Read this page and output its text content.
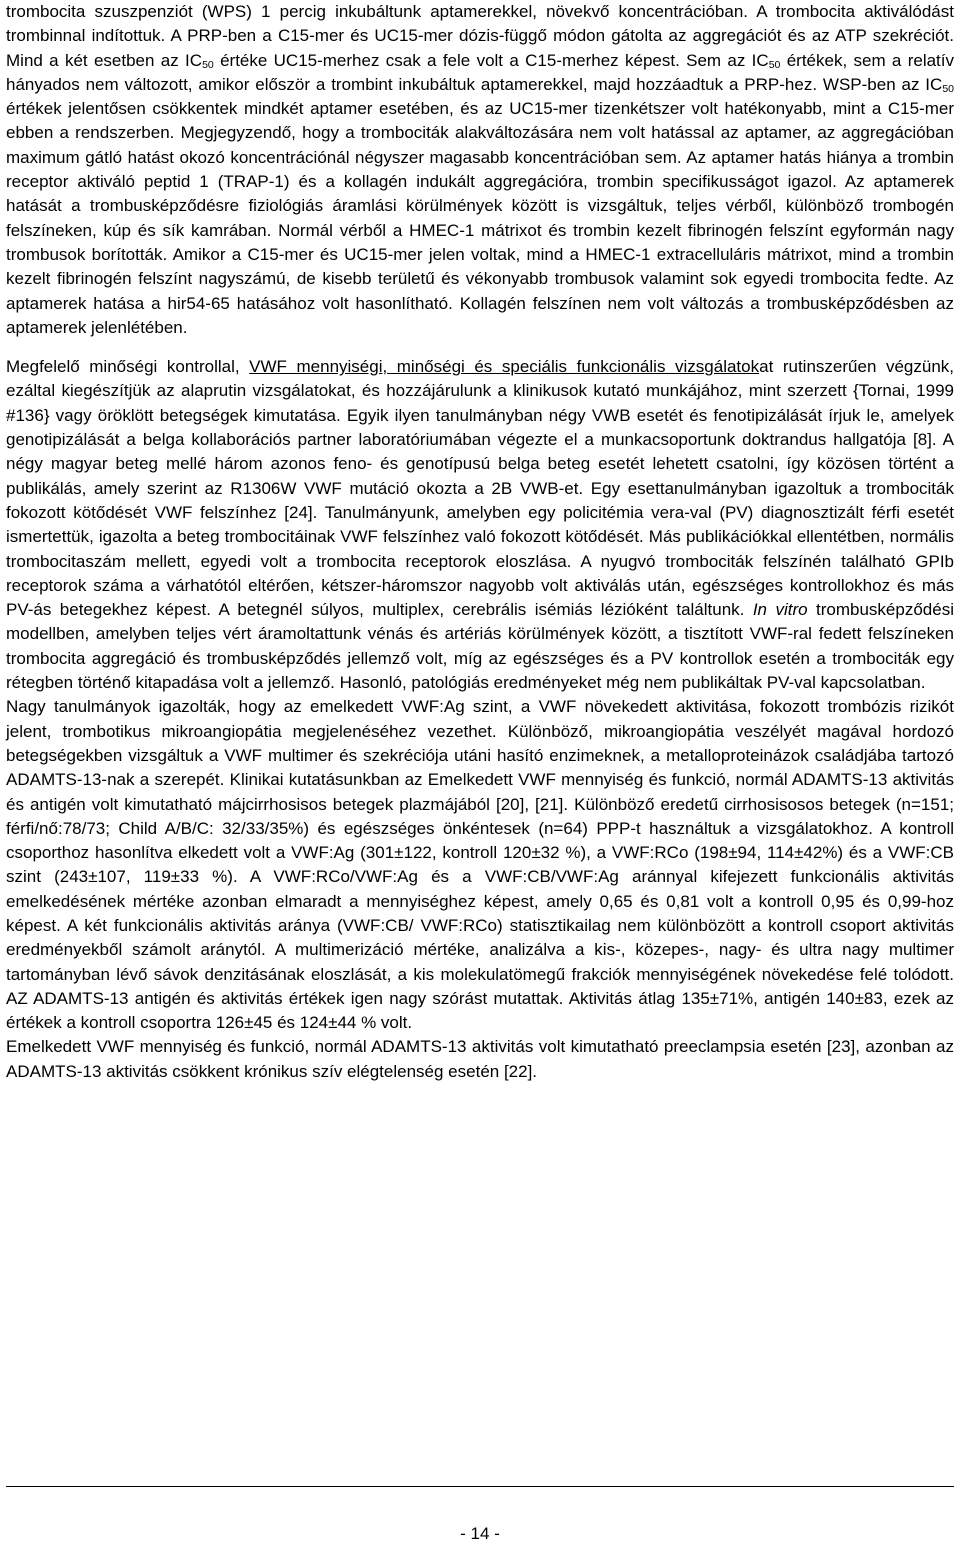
trombocita szuszpenziót (WPS) 1 percig inkubáltunk aptamerekkel, növekvő koncentrációban. A trombocita aktiválódást trombinnal indítottuk. A PRP-ben a C15-mer és UC15-mer dózis-függő módon gátolta az aggregációt és az ATP szekréciót. Mind a két esetben az $IC_{50}$ értéke UC15-merhez csak a fele volt a C15-merhez képest. Sem az $IC_{50}$ értékek, sem a relatív hányados nem változott, amikor először a trombint inkubáltuk aptamerekkel, majd hozzáadtuk a PRP-hez. WSP-ben az $IC_{50}$ értékek jelentősen csökkentek mindkét aptamer esetében, és az UC15-mer tizenkétszer volt hatékonyabb, mint a C15-mer ebben a rendszerben. Megjegyzendő, hogy a trombociták alakváltozására nem volt hatással az aptamer, az aggregációban maximum gátló hatást okozó koncentrációnál négyszer magasabb koncentrációban sem. Az aptamer hatás hiánya a trombin receptor aktiváló peptid 1 (TRAP-1) és a kollagén indukált aggregációra, trombin specifikusságot igazol. Az aptamerek hatását a trombusképződésre fiziológiás áramlási körülmények között is vizsgáltuk, teljes vérből, különböző trombogén felszíneken, kúp és sík kamrában. Normál vérből a HMEC-1 mátrixot és trombin kezelt fibrinogén felszínt egyformán nagy trombusok borították. Amikor a C15-mer és UC15-mer jelen voltak, mind a HMEC-1 extracelluláris mátrixot, mind a trombin kezelt fibrinogén felszínt nagyszámú, de kisebb területű és vékonyabb trombusok valamint sok egyedi trombocita fedte. Az aptamerek hatása a hir54-65 hatásához volt hasonlítható. Kollagén felszínen nem volt változás a trombusképződésben az aptamerek jelenlétében.

Megfelelő minőségi kontrollal, VWF mennyiségi, minőségi és speciális funkcionális vizsgálatokat rutinszerűen végzünk, ezáltal kiegészítjük az alaprutin vizsgálatokat, és hozzájárulunk a klinikusok kutató munkájához, mint szerzett {Tornai, 1999 #136} vagy öröklött betegségek kimutatása. Egyik ilyen tanulmányban négy VWB esetét és fenotipizálását írjuk le, amelyek genotipizálását a belga kollaborációs partner laboratóriumában végezte el a munkacsoportunk doktrandus hallgatója [8]. A négy magyar beteg mellé három azonos feno- és genotípusú belga beteg esetét lehetett csatolni, így közösen történt a publikálás, amely szerint az R1306W VWF mutáció okozta a 2B VWB-et. Egy esettanulmányban igazoltuk a trombociták fokozott kötődését VWF felszínhez [24]. Tanulmányunk, amelyben egy policitémia vera-val (PV) diagnosztizált férfi esetét ismertettük, igazolta a beteg trombocitáinak VWF felszínhez való fokozott kötődését. Más publikációkkal ellentétben, normális trombocitaszám mellett, egyedi volt a trombocita receptorok eloszlása. A nyugvó trombociták felszínén található GPIb receptorok száma a várhatótól eltérően, kétszer-háromszor nagyobb volt aktiválás után, egészséges kontrollokhoz és más PV-ás betegekhez képest. A betegnél súlyos, multiplex, cerebrális isémiás lézióként találtunk. In vitro trombusképződési modellben, amelyben teljes vért áramoltattunk vénás és artériás körülmények között, a tisztított VWF-ral fedett felszíneken trombocita aggregáció és trombusképződés jellemző volt, míg az egészséges és a PV kontrollok esetén a trombociták egy rétegben történő kitapadása volt a jellemző. Hasonló, patológiás eredményeket még nem publikáltak PV-val kapcsolatban.

Nagy tanulmányok igazolták, hogy az emelkedett VWF:Ag szint, a VWF növekedett aktivitása, fokozott trombózis rizikót jelent, trombotikus mikroangiopátia megjelenéséhez vezethet. Különböző, mikroangiopátia veszélyét magával hordozó betegségekben vizsgáltuk a VWF multimer és szekréciója utáni hasító enzimeknek, a metalloproteinázok családjába tartozó ADAMTS-13-nak a szerepét. Klinikai kutatásunkban az Emelkedett VWF mennyiség és funkció, normál ADAMTS-13 aktivitás és antigén volt kimutatható májcirrhosisos betegek plazmájából [20], [21]. Különböző eredetű cirrhosisosos betegek (n=151; férfi/nő:78/73; Child A/B/C: 32/33/35%) és egészséges önkéntesek (n=64) PPP-t használtuk a vizsgálatokhoz. A kontroll csoporthoz hasonlítva elkedett volt a VWF:Ag (301±122, kontroll 120±32 %), a VWF:RCo (198±94, 114±42%) és a VWF:CB szint (243±107, 119±33 %). A VWF:RCo/VWF:Ag és a VWF:CB/VWF:Ag aránnyal kifejezett funkcionális aktivitás emelkedésének mértéke azonban elmaradt a mennyiséghez képest, amely 0,65 és 0,81 volt a kontroll 0,95 és 0,99-hoz képest. A két funkcionális aktivitás aránya (VWF:CB/ VWF:RCo) statisztikailag nem különbözött a kontroll csoport aktivitás eredményekből számolt aránytól. A multimerizáció mértéke, analizálva a kis-, közepes-, nagy- és ultra nagy multimer tartományban lévő sávok denzitásának eloszlását, a kis molekulatömegű frakciók mennyiségének növekedése felé tolódott. AZ ADAMTS-13 antigén és aktivitás értékek igen nagy szórást mutattak. Aktivitás átlag 135±71%, antigén 140±83, ezek az értékek a kontroll csoportra 126±45 és 124±44 % volt.

Emelkedett VWF mennyiség és funkció, normál ADAMTS-13 aktivitás volt kimutatható preeclampsia esetén [23], azonban az ADAMTS-13 aktivitás csökkent krónikus szív elégtelenség esetén [22].

- 14 -
